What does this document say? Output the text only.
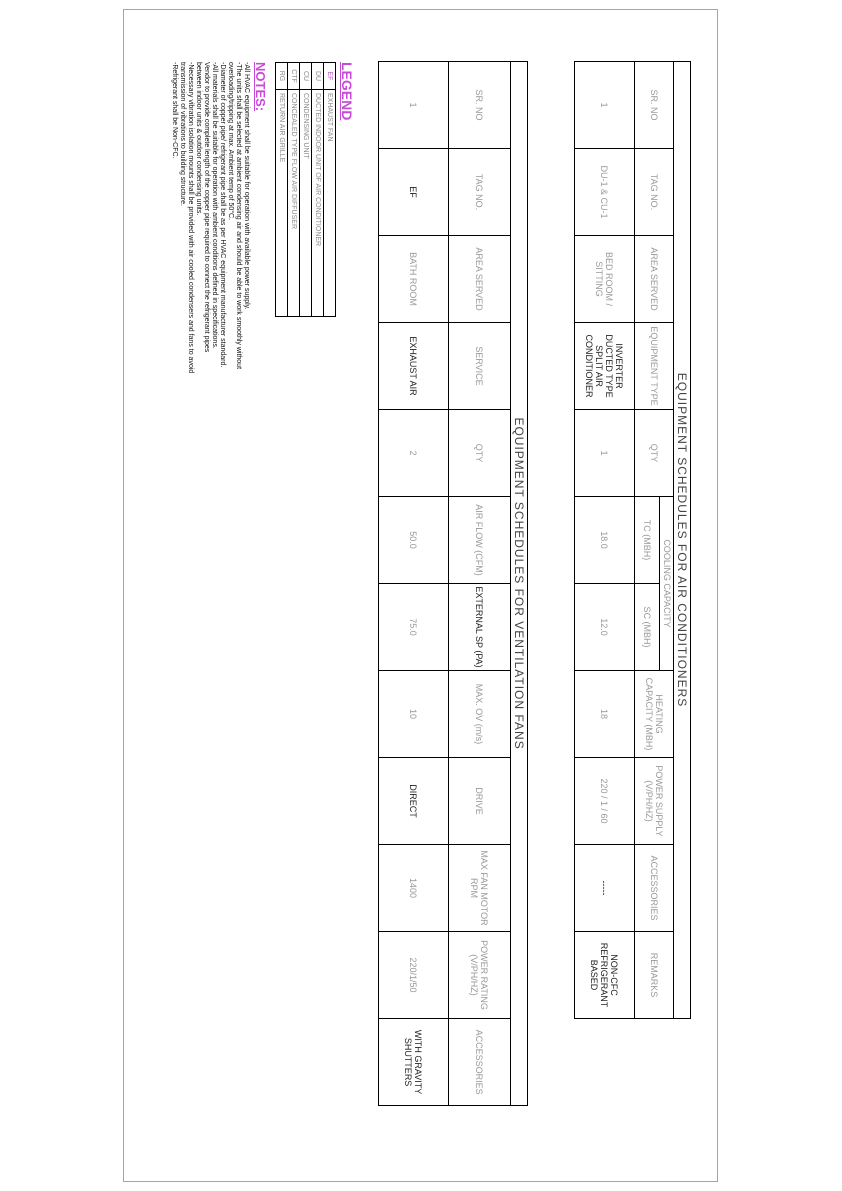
EQUIPMENT SCHEDULES FOR AIR CONDITIONERS										
SR. NO	TAG NO.	AREA SERVED	EQUIPMENT TYPE	QTY	COOLING CAPACITY		HEATING CAPACITY (MBH)	POWER SUPPLY (V/PH/HZ)	ACCESSORIES	REMARKS
					TC (MBH)	SC (MBH)				
1	DU-1 & CU-1	BED ROOM / SITTING	INVERTER DUCTED TYPE SPLIT AIR CONDITIONER	1	18.0	12.0	18	220 / 1 / 60	-----	NON-CFC REFRIGERANT BASED
EQUIPMENT SCHEDULES FOR VENTILATION FANS											
SR. NO	TAG NO.	AREA SERVED	SERVICE	QTY	AIR FLOW (CFM)	EXTERNAL SP (PA)	MAX. OV (m/s)	DRIVE	MAX FAN MOTOR RPM	POWER RATING (V/PH/HZ)	ACCESSORIES
1	EF	BATH ROOM	EXHAUST AIR	2	50.0	75.0	10	DIRECT	1400	220/1/50	WITH GRAVITY SHUTTERS
LEGEND
EF	EXHAUST FAN
DU	DUCTED INDOOR UNIT OF AIR CONDITIONER
CU	CONDENSING UNIT
CTF	CONCEALED TYPE FLOW AIR DIFFUSER
RG	RETURN AIR GRILLE
NOTES:
-All HVAC equipment shall be suitable for operation with available power supply.
-The units shall be selected at ambient condensing air and should be able to work smoothly without
overloading/tripping at max. Ambient temp of 50°C.
-Diameter of copper pipe/ refrigerant pipe shall be as per HVAC equipment manufacturer standard.
-All materials shall be suitable for operation with ambient conditions defined in specifications.
Vendor to provide complete length of the copper pipe required to connect the refrigerant pipes
between indoor units & outdoor condensing units.
-Necessary vibration isolation mounts shall be provided with air cooled condensers and fans to avoid
transmission of vibrations to building structure.
-Refrigerant shall be Non-CFC.
